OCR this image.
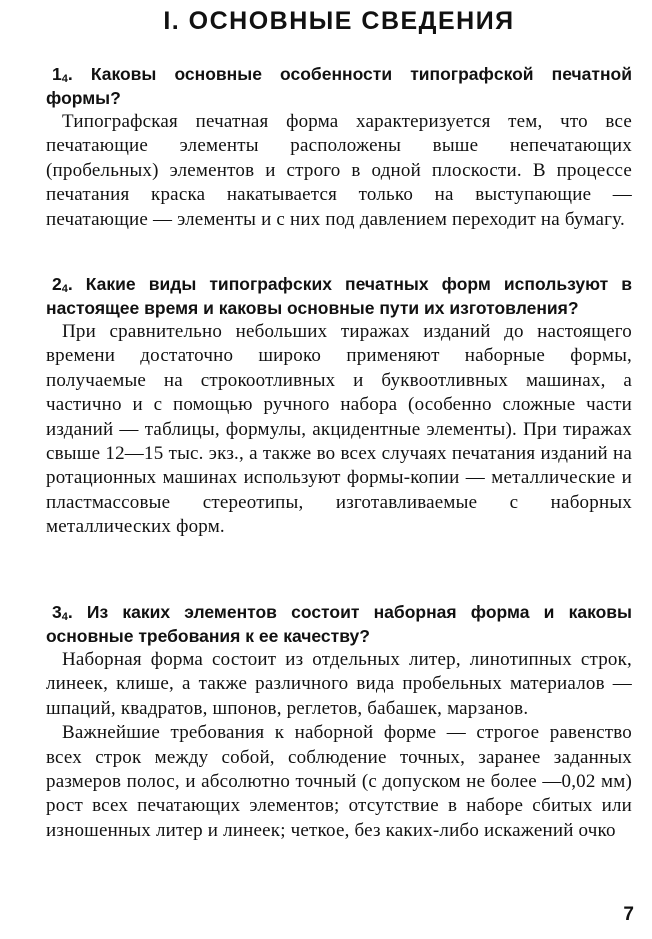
I. ОСНОВНЫЕ СВЕДЕНИЯ

$1_4$. Каковы основные особенности типографской печатной формы?

Типографская печатная форма характеризуется тем, что все печатающие элементы расположены выше непечатающих (пробельных) элементов и строго в одной плоскости. В процессе печатания краска накатывается только на выступающие — печатающие — элементы и с них под давлением переходит на бумагу.

$2_4$. Какие виды типографских печатных форм используют в настоящее время и каковы основные пути их изготовления?

При сравнительно небольших тиражах изданий до настоящего времени достаточно широко применяют наборные формы, получаемые на строкоотливных и буквоотливных машинах, а частично и с помощью ручного набора (особенно сложные части изданий — таблицы, формулы, акцидентные элементы). При тиражах свыше 12—15 тыс. экз., а также во всех случаях печатания изданий на ротационных машинах используют формы-копии — металлические и пластмассовые стереотипы, изготавливаемые с наборных металлических форм.

$3_4$. Из каких элементов состоит наборная форма и каковы основные требования к ее качеству?

Наборная форма состоит из отдельных литер, линотипных строк, линеек, клише, а также различного вида пробельных материалов — шпаций, квадратов, шпонов, реглетов, бабашек, марзанов.

Важнейшие требования к наборной форме — строгое равенство всех строк между собой, соблюдение точных, заранее заданных размеров полос, и абсолютно точный (с допуском не более —0,02 мм) рост всех печатающих элементов; отсутствие в наборе сбитых или изношенных литер и линеек; четкое, без каких-либо искажений очко

7
